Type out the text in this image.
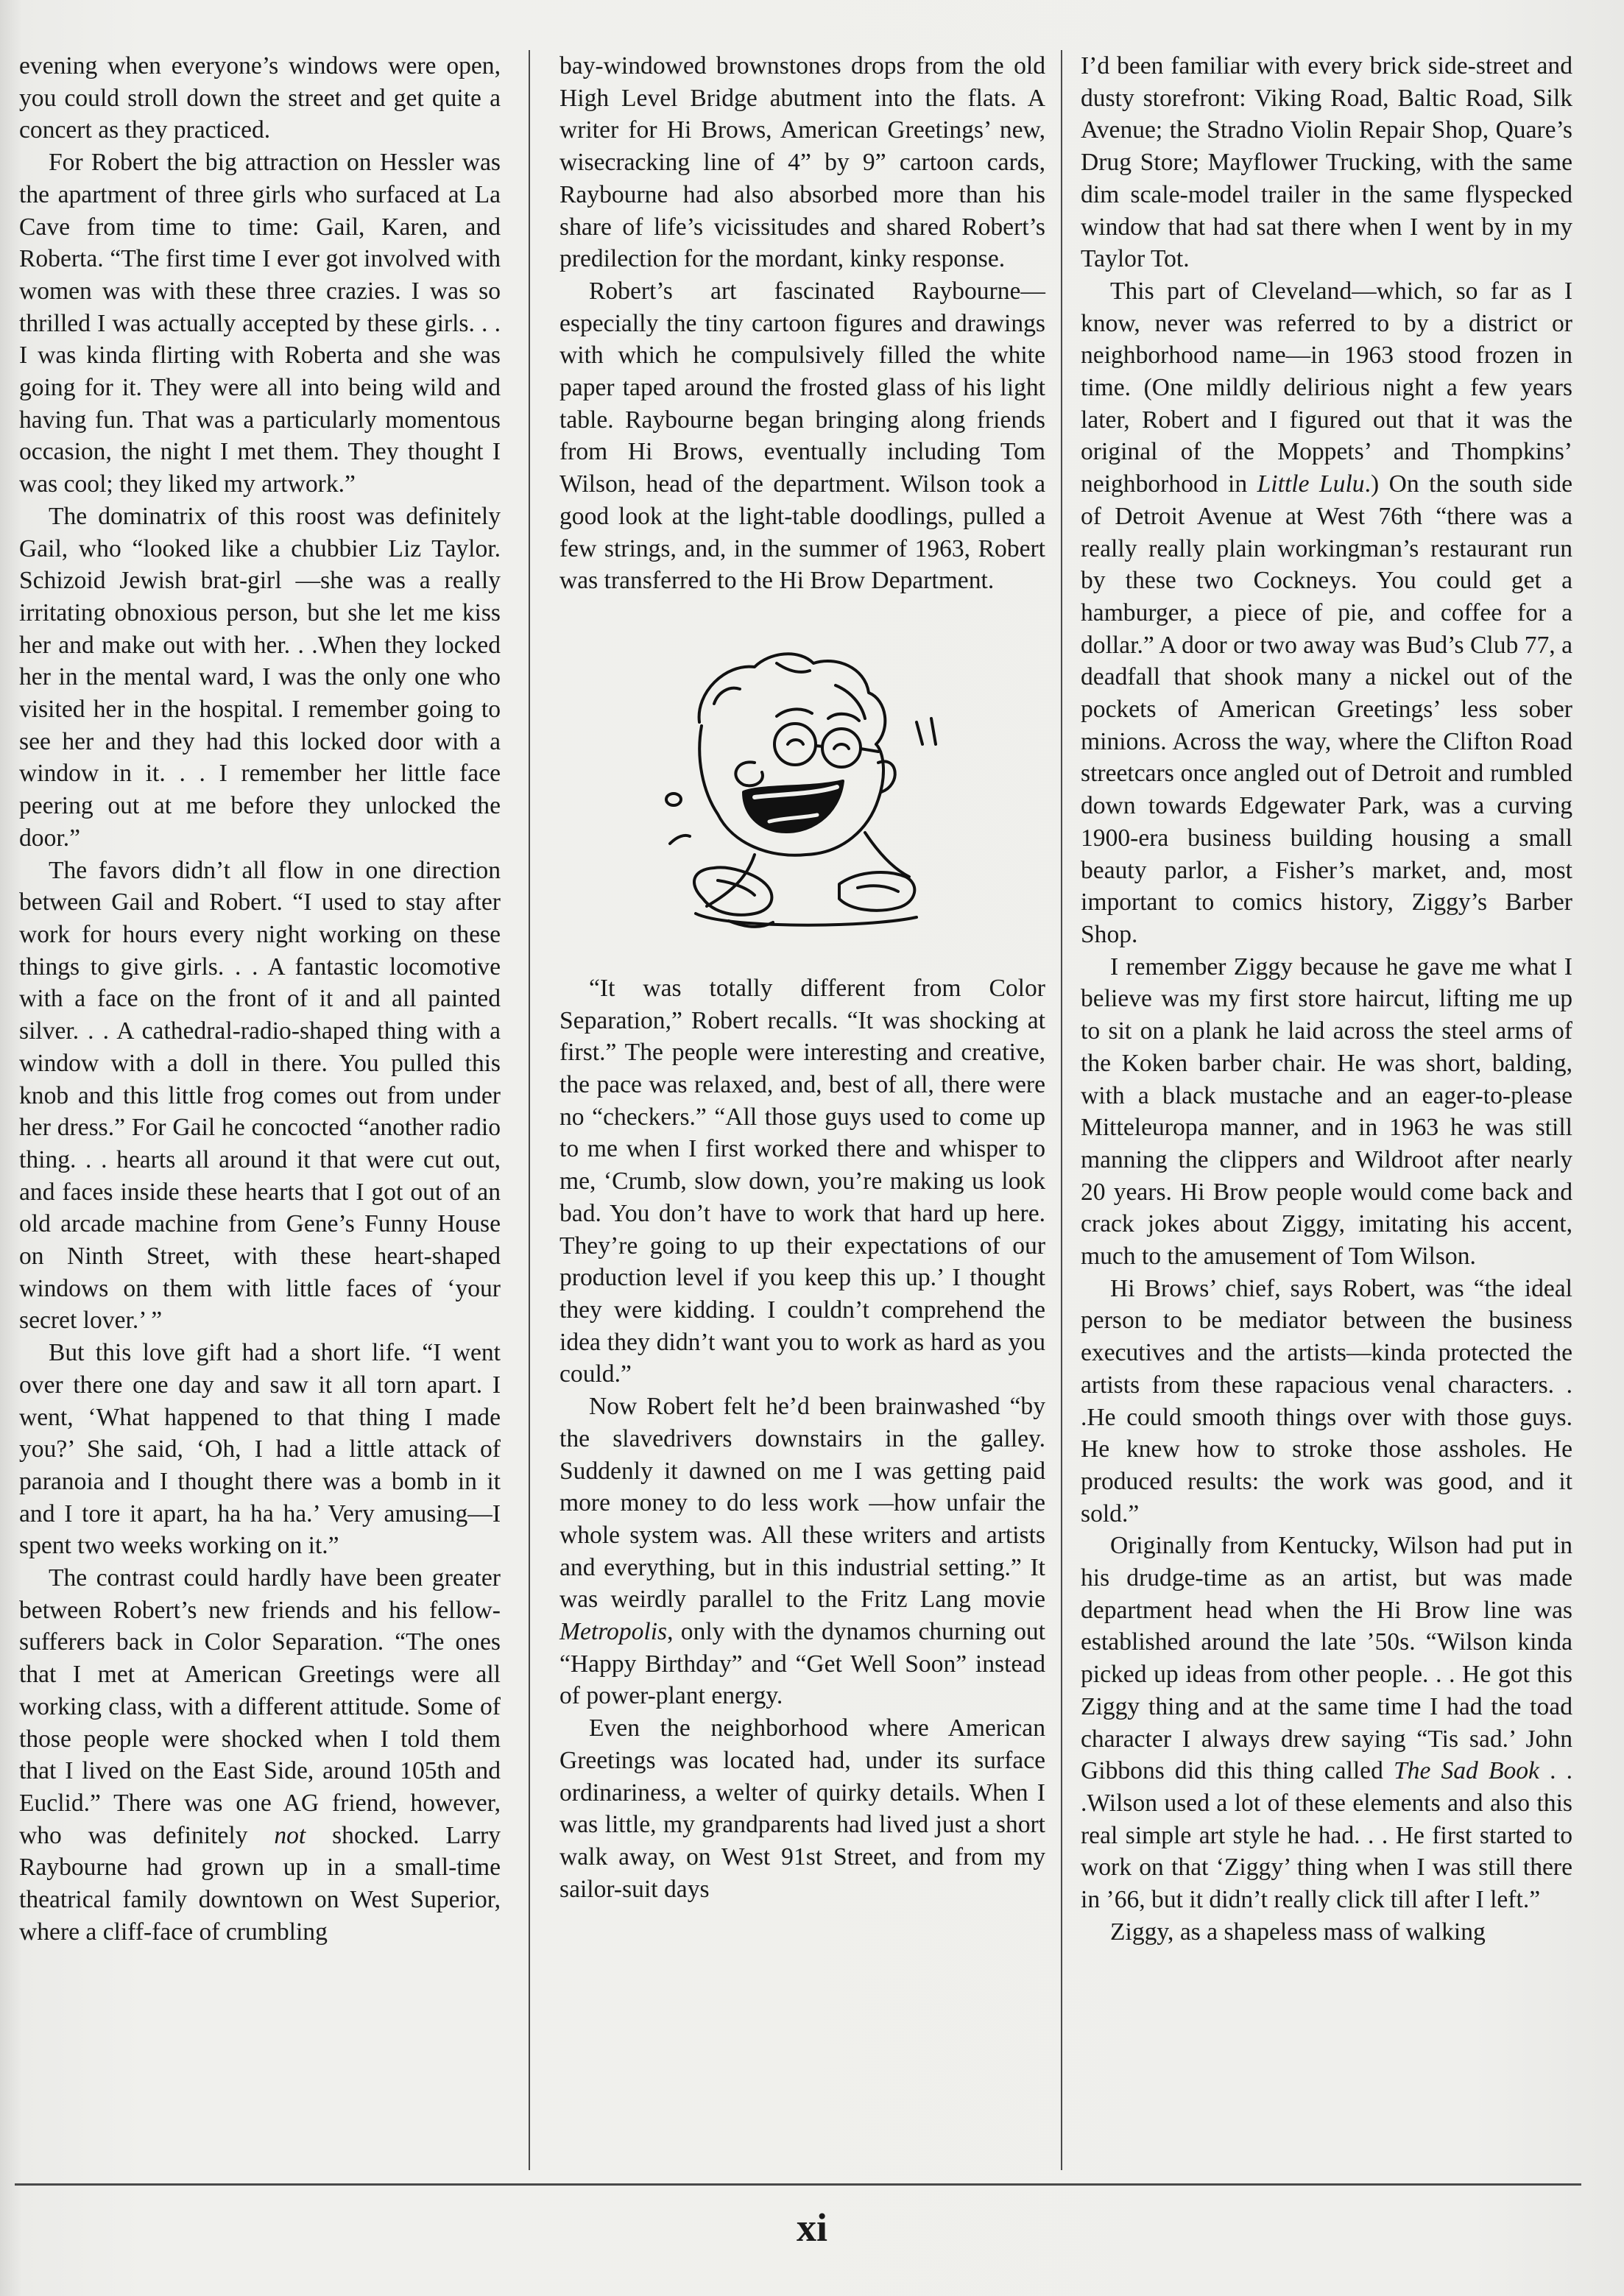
evening when everyone’s windows were open, you could stroll down the street and get quite a concert as they practiced.

For Robert the big attraction on Hessler was the apartment of three girls who surfaced at La Cave from time to time: Gail, Karen, and Roberta. “The first time I ever got involved with women was with these three crazies. I was so thrilled I was actually accepted by these girls. . . I was kinda flirting with Roberta and she was going for it. They were all into being wild and having fun. That was a particularly momentous occasion, the night I met them. They thought I was cool; they liked my artwork.”

The dominatrix of this roost was definitely Gail, who “looked like a chubbier Liz Taylor. Schizoid Jewish brat-girl —she was a really irritating obnoxious person, but she let me kiss her and make out with her. . .When they locked her in the mental ward, I was the only one who visited her in the hospital. I remember going to see her and they had this locked door with a window in it. . . I remember her little face peering out at me before they unlocked the door.”

The favors didn’t all flow in one direction between Gail and Robert. “I used to stay after work for hours every night working on these things to give girls. . . A fantastic locomotive with a face on the front of it and all painted silver. . . A cathedral-radio-shaped thing with a window with a doll in there. You pulled this knob and this little frog comes out from under her dress.” For Gail he concocted “another radio thing. . . hearts all around it that were cut out, and faces inside these hearts that I got out of an old arcade machine from Gene’s Funny House on Ninth Street, with these heart-shaped windows on them with little faces of ‘your secret lover.’ ”

But this love gift had a short life. “I went over there one day and saw it all torn apart. I went, ‘What happened to that thing I made you?’ She said, ‘Oh, I had a little attack of paranoia and I thought there was a bomb in it and I tore it apart, ha ha ha.’ Very amusing—I spent two weeks working on it.”

The contrast could hardly have been greater between Robert’s new friends and his fellow-sufferers back in Color Separation. “The ones that I met at American Greetings were all working class, with a different attitude. Some of those people were shocked when I told them that I lived on the East Side, around 105th and Euclid.” There was one AG friend, however, who was definitely not shocked. Larry Raybourne had grown up in a small-time theatrical family downtown on West Superior, where a cliff-face of crumbling

bay-windowed brownstones drops from the old High Level Bridge abutment into the flats. A writer for Hi Brows, American Greetings’ new, wisecracking line of 4” by 9” cartoon cards, Raybourne had also absorbed more than his share of life’s vicissitudes and shared Robert’s predilection for the mordant, kinky response.

Robert’s art fascinated Raybourne—especially the tiny cartoon figures and drawings with which he compulsively filled the white paper taped around the frosted glass of his light table. Raybourne began bringing along friends from Hi Brows, eventually including Tom Wilson, head of the department. Wilson took a good look at the light-table doodlings, pulled a few strings, and, in the summer of 1963, Robert was transferred to the Hi Brow Department.

“It was totally different from Color Separation,” Robert recalls. “It was shocking at first.” The people were interesting and creative, the pace was relaxed, and, best of all, there were no “checkers.” “All those guys used to come up to me when I first worked there and whisper to me, ‘Crumb, slow down, you’re making us look bad. You don’t have to work that hard up here. They’re going to up their expectations of our production level if you keep this up.’ I thought they were kidding. I couldn’t comprehend the idea they didn’t want you to work as hard as you could.”

Now Robert felt he’d been brainwashed “by the slavedrivers downstairs in the galley. Suddenly it dawned on me I was getting paid more money to do less work —how unfair the whole system was. All these writers and artists and everything, but in this industrial setting.” It was weirdly parallel to the Fritz Lang movie Metropolis, only with the dynamos churning out “Happy Birthday” and “Get Well Soon” instead of power-plant energy.

Even the neighborhood where American Greetings was located had, under its surface ordinariness, a welter of quirky details. When I was little, my grandparents had lived just a short walk away, on West 91st Street, and from my sailor-suit days

I’d been familiar with every brick side-street and dusty storefront: Viking Road, Baltic Road, Silk Avenue; the Stradno Violin Repair Shop, Quare’s Drug Store; Mayflower Trucking, with the same dim scale-model trailer in the same flyspecked window that had sat there when I went by in my Taylor Tot.

This part of Cleveland—which, so far as I know, never was referred to by a district or neighborhood name—in 1963 stood frozen in time. (One mildly delirious night a few years later, Robert and I figured out that it was the original of the Moppets’ and Thompkins’ neighborhood in Little Lulu.) On the south side of Detroit Avenue at West 76th “there was a really really plain workingman’s restaurant run by these two Cockneys. You could get a hamburger, a piece of pie, and coffee for a dollar.” A door or two away was Bud’s Club 77, a deadfall that shook many a nickel out of the pockets of American Greetings’ less sober minions. Across the way, where the Clifton Road streetcars once angled out of Detroit and rumbled down towards Edgewater Park, was a curving 1900-era business building housing a small beauty parlor, a Fisher’s market, and, most important to comics history, Ziggy’s Barber Shop.

I remember Ziggy because he gave me what I believe was my first store haircut, lifting me up to sit on a plank he laid across the steel arms of the Koken barber chair. He was short, balding, with a black mustache and an eager-to-please Mitteleuropa manner, and in 1963 he was still manning the clippers and Wildroot after nearly 20 years. Hi Brow people would come back and crack jokes about Ziggy, imitating his accent, much to the amusement of Tom Wilson.

Hi Brows’ chief, says Robert, was “the ideal person to be mediator between the business executives and the artists—kinda protected the artists from these rapacious venal characters. . .He could smooth things over with those guys. He knew how to stroke those assholes. He produced results: the work was good, and it sold.”

Originally from Kentucky, Wilson had put in his drudge-time as an artist, but was made department head when the Hi Brow line was established around the late ’50s. “Wilson kinda picked up ideas from other people. . . He got this Ziggy thing and at the same time I had the toad character I always drew saying “Tis sad.’ John Gibbons did this thing called The Sad Book . . .Wilson used a lot of these elements and also this real simple art style he had. . . He first started to work on that ‘Ziggy’ thing when I was still there in ’66, but it didn’t really click till after I left.”

Ziggy, as a shapeless mass of walking

xi
